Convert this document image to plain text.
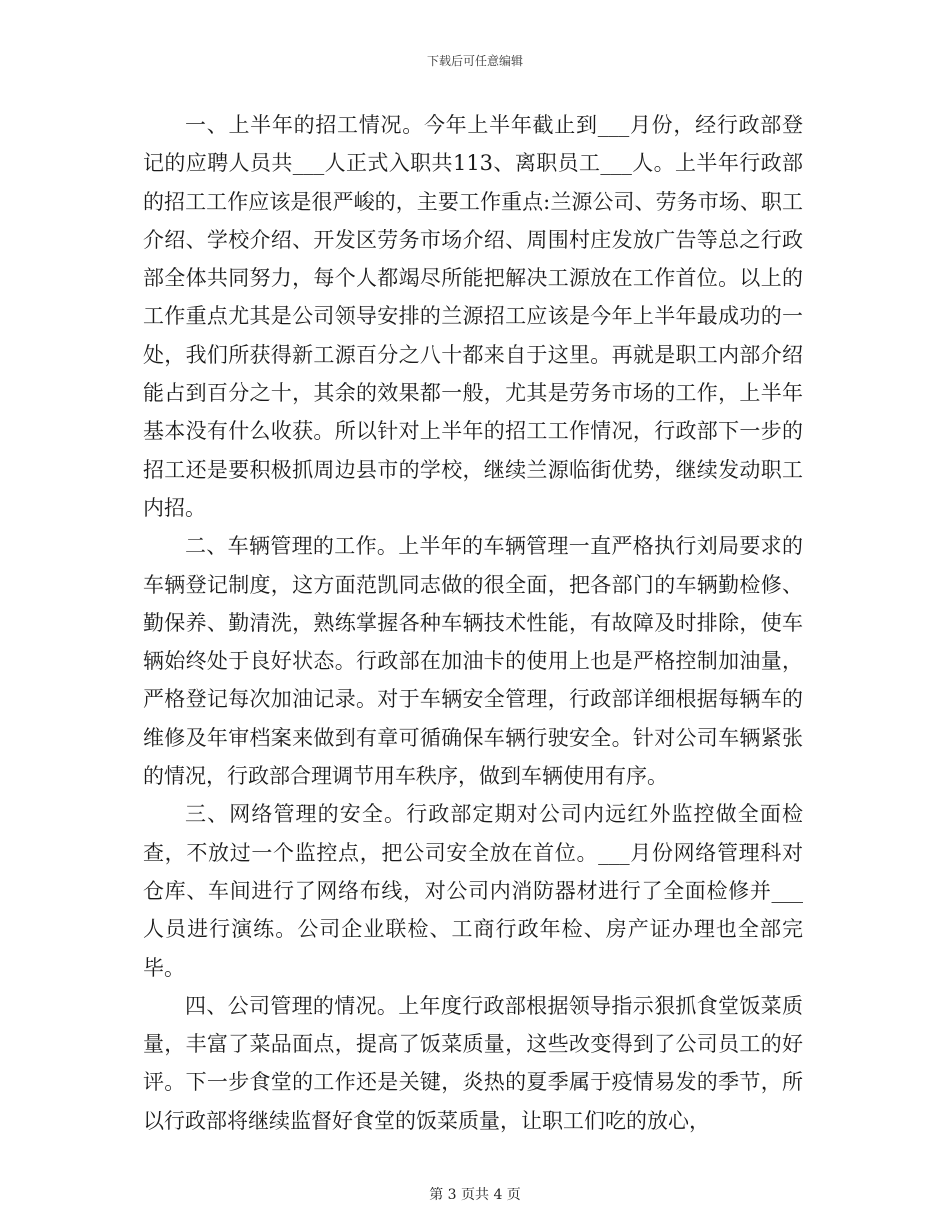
下载后可任意编辑

一、上半年的招工情况。今年上半年截止到___月份，经行政部登记的应聘人员共___人正式入职共113、离职员工___人。上半年行政部的招工工作应该是很严峻的，主要工作重点:兰源公司、劳务市场、职工介绍、学校介绍、开发区劳务市场介绍、周围村庄发放广告等总之行政部全体共同努力，每个人都竭尽所能把解决工源放在工作首位。以上的工作重点尤其是公司领导安排的兰源招工应该是今年上半年最成功的一处，我们所获得新工源百分之八十都来自于这里。再就是职工内部介绍能占到百分之十，其余的效果都一般，尤其是劳务市场的工作，上半年基本没有什么收获。所以针对上半年的招工工作情况，行政部下一步的招工还是要积极抓周边县市的学校，继续兰源临街优势，继续发动职工内招。

二、车辆管理的工作。上半年的车辆管理一直严格执行刘局要求的车辆登记制度，这方面范凯同志做的很全面，把各部门的车辆勤检修、勤保养、勤清洗，熟练掌握各种车辆技术性能，有故障及时排除，使车辆始终处于良好状态。行政部在加油卡的使用上也是严格控制加油量，严格登记每次加油记录。对于车辆安全管理，行政部详细根据每辆车的维修及年审档案来做到有章可循确保车辆行驶安全。针对公司车辆紧张的情况，行政部合理调节用车秩序，做到车辆使用有序。

三、网络管理的安全。行政部定期对公司内远红外监控做全面检查，不放过一个监控点，把公司安全放在首位。___月份网络管理科对仓库、车间进行了网络布线，对公司内消防器材进行了全面检修并___人员进行演练。公司企业联检、工商行政年检、房产证办理也全部完毕。

四、公司管理的情况。上年度行政部根据领导指示狠抓食堂饭菜质量，丰富了菜品面点，提高了饭菜质量，这些改变得到了公司员工的好评。下一步食堂的工作还是关键，炎热的夏季属于疫情易发的季节，所以行政部将继续监督好食堂的饭菜质量，让职工们吃的放心，

第 3 页共 4 页
